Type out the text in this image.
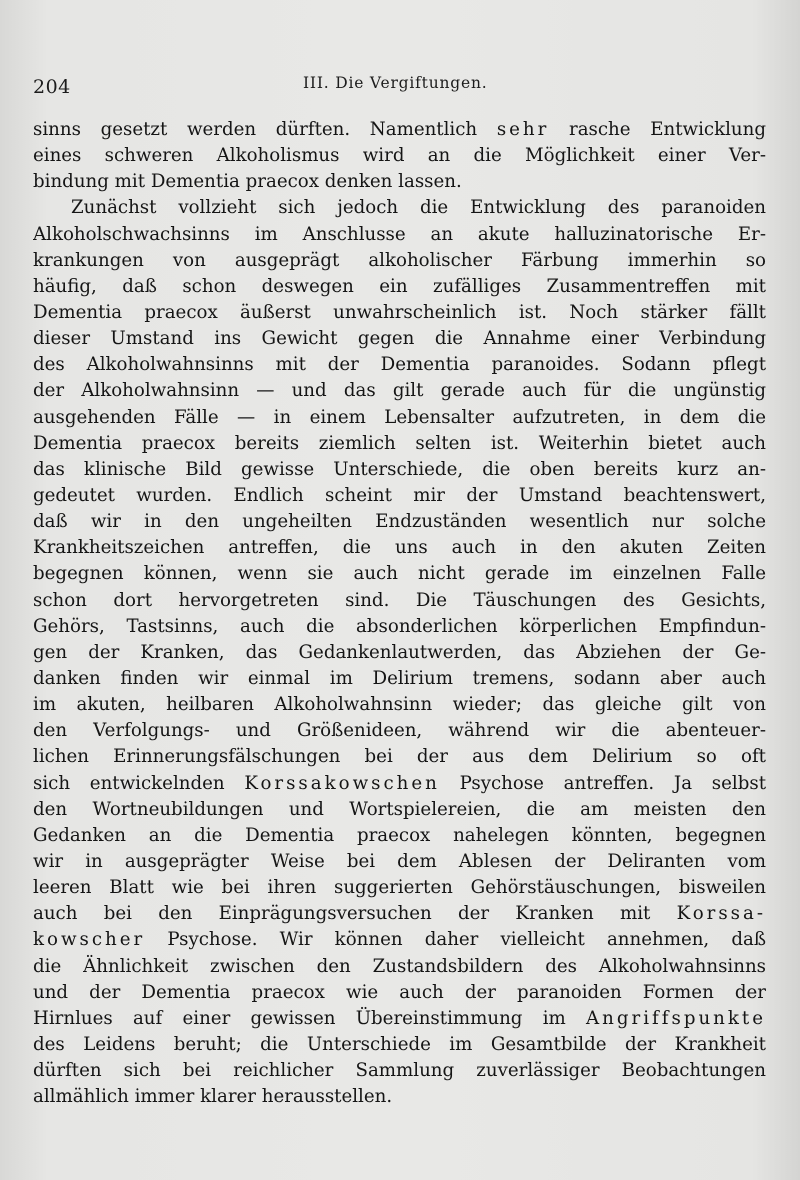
204	III. Die Vergiftungen.
sinns gesetzt werden dürften. Namentlich sehr rasche Entwicklung
eines schweren Alkoholismus wird an die Möglichkeit einer Ver-
bindung mit Dementia praecox denken lassen.
Zunächst vollzieht sich jedoch die Entwicklung des paranoiden
Alkoholschwachsinns im Anschlusse an akute halluzinatorische Er-
krankungen von ausgeprägt alkoholischer Färbung immerhin so
häufig, daß schon deswegen ein zufälliges Zusammentreffen mit
Dementia praecox äußerst unwahrscheinlich ist. Noch stärker fällt
dieser Umstand ins Gewicht gegen die Annahme einer Verbindung
des Alkoholwahnsinns mit der Dementia paranoides. Sodann pflegt
der Alkoholwahnsinn — und das gilt gerade auch für die ungünstig
ausgehenden Fälle — in einem Lebensalter aufzutreten, in dem die
Dementia praecox bereits ziemlich selten ist. Weiterhin bietet auch
das klinische Bild gewisse Unterschiede, die oben bereits kurz an-
gedeutet wurden. Endlich scheint mir der Umstand beachtenswert,
daß wir in den ungeheilten Endzuständen wesentlich nur solche
Krankheitszeichen antreffen, die uns auch in den akuten Zeiten
begegnen können, wenn sie auch nicht gerade im einzelnen Falle
schon dort hervorgetreten sind. Die Täuschungen des Gesichts,
Gehörs, Tastsinns, auch die absonderlichen körperlichen Empfindun-
gen der Kranken, das Gedankenlautwerden, das Abziehen der Ge-
danken finden wir einmal im Delirium tremens, sodann aber auch
im akuten, heilbaren Alkoholwahnsinn wieder; das gleiche gilt von
den Verfolgungs- und Größenideen, während wir die abenteuer-
lichen Erinnerungsfälschungen bei der aus dem Delirium so oft
sich entwickelnden Korssakowschen Psychose antreffen. Ja selbst
den Wortneubildungen und Wortspielereien, die am meisten den
Gedanken an die Dementia praecox nahelegen könnten, begegnen
wir in ausgeprägter Weise bei dem Ablesen der Deliranten vom
leeren Blatt wie bei ihren suggerierten Gehörstäuschungen, bisweilen
auch bei den Einprägungsversuchen der Kranken mit Korssa-
kowscher Psychose. Wir können daher vielleicht annehmen, daß
die Ähnlichkeit zwischen den Zustandsbildern des Alkoholwahnsinns
und der Dementia praecox wie auch der paranoiden Formen der
Hirnlues auf einer gewissen Übereinstimmung im Angriffspunkte
des Leidens beruht; die Unterschiede im Gesamtbilde der Krankheit
dürften sich bei reichlicher Sammlung zuverlässiger Beobachtungen
allmählich immer klarer herausstellen.
